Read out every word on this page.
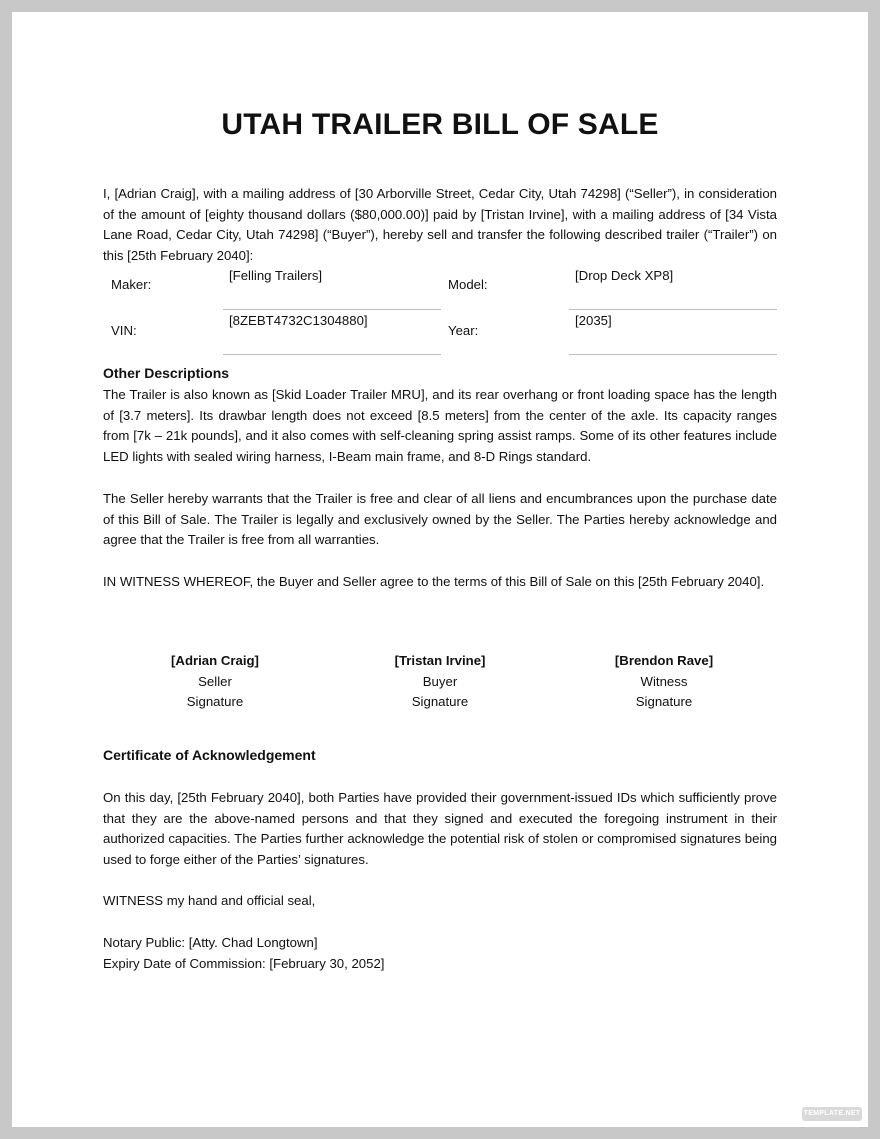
UTAH TRAILER BILL OF SALE

I, [Adrian Craig], with a mailing address of [30 Arborville Street, Cedar City, Utah 74298] (“Seller”), in consideration of the amount of [eighty thousand dollars ($80,000.00)] paid by [Tristan Irvine], with a mailing address of [34 Vista Lane Road, Cedar City, Utah 74298] (“Buyer”), hereby sell and transfer the following described trailer (“Trailer”) on this [25th February 2040]:

Maker:
[Felling Trailers]
Model:
[Drop Deck XP8]
VIN:
[8ZEBT4732C1304880]
Year:
[2035]
Other Descriptions

The Trailer is also known as [Skid Loader Trailer MRU], and its rear overhang or front loading space has the length of [3.7 meters]. Its drawbar length does not exceed [8.5 meters] from the center of the axle. Its capacity ranges from [7k – 21k pounds], and it also comes with self-cleaning spring assist ramps. Some of its other features include LED lights with sealed wiring harness, I-Beam main frame, and 8-D Rings standard.

The Seller hereby warrants that the Trailer is free and clear of all liens and encumbrances upon the purchase date of this Bill of Sale. The Trailer is legally and exclusively owned by the Seller. The Parties hereby acknowledge and agree that the Trailer is free from all warranties.

IN WITNESS WHEREOF, the Buyer and Seller agree to the terms of this Bill of Sale on this [25th February 2040].

[Adrian Craig]
Seller
Signature
[Tristan Irvine]
Buyer
Signature
[Brendon Rave]
Witness
Signature
Certificate of Acknowledgement

On this day, [25th February 2040], both Parties have provided their government-issued IDs which sufficiently prove that they are the above-named persons and that they signed and executed the foregoing instrument in their authorized capacities. The Parties further acknowledge the potential risk of stolen or compromised signatures being used to forge either of the Parties’ signatures.

WITNESS my hand and official seal,

Notary Public: [Atty. Chad Longtown]

Expiry Date of Commission: [February 30, 2052]

TEMPLATE.NET
